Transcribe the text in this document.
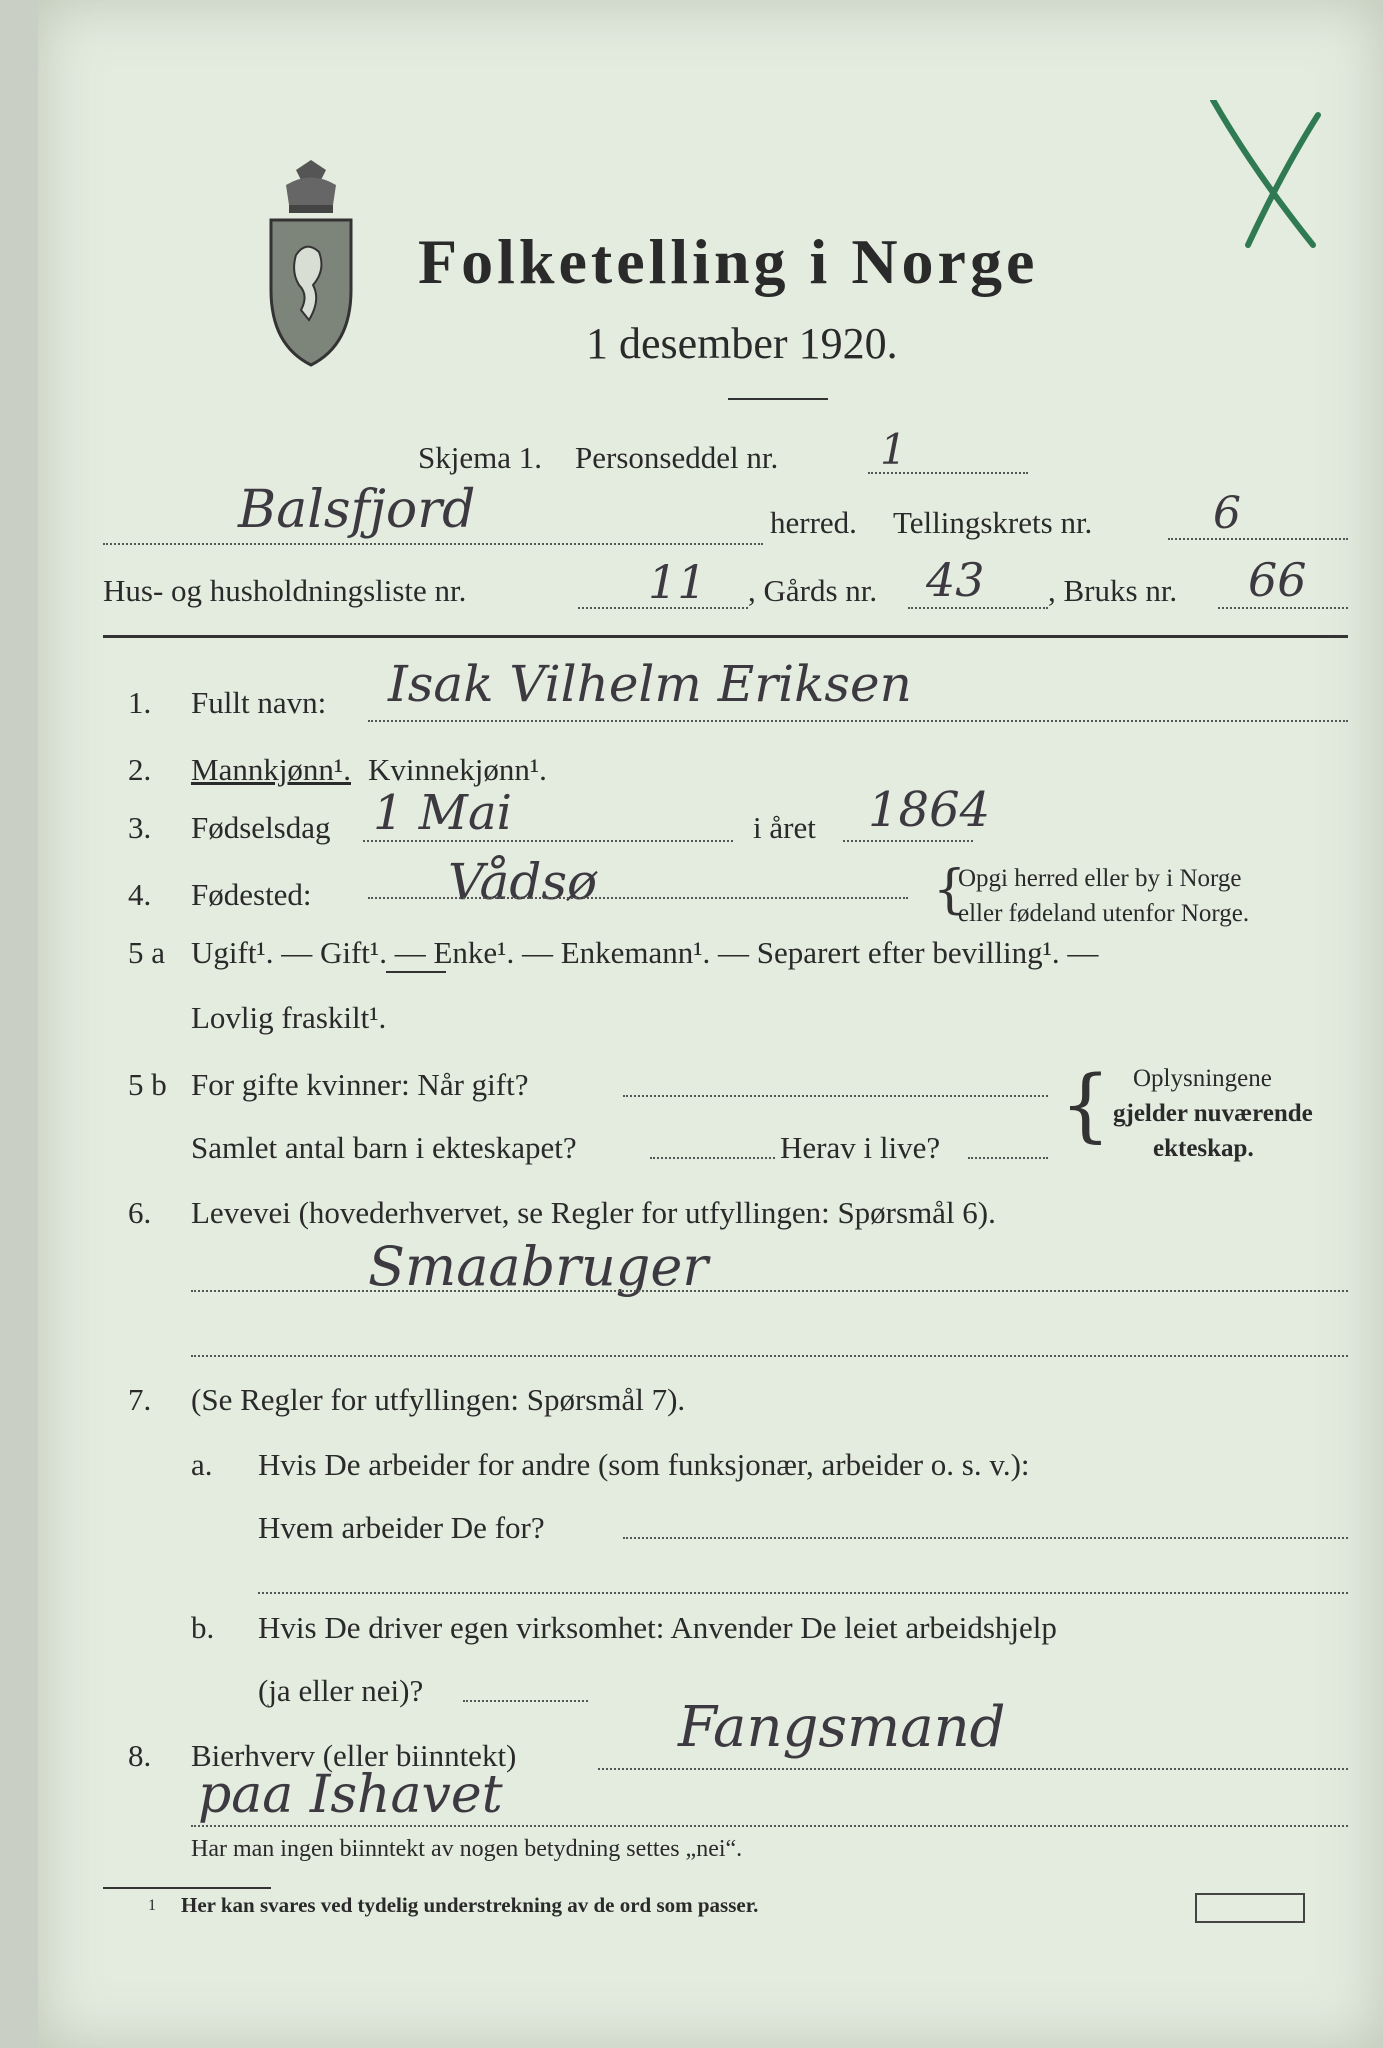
Folketelling i Norge
1 desember 1920.
Skjema 1. Personseddel nr. 1
Balsfjord	herred. Tellingskrets nr.	6
Hus- og husholdningsliste nr.	11 , Gårds nr. 43 , Bruks nr. 66
1. Fullt navn: Isak Vilhelm Eriksen
2. Mannkjønn¹. Kvinnekjønn¹.
3. Fødselsdag 1 Mai	i året 1864
4. Fødested:	Vådsø	{
Opgi herred eller by i Norge
eller fødeland utenfor Norge.
5 a Ugift¹. — Gift¹. — Enke¹. — Enkemann¹. — Separert efter bevilling¹. —
Lovlig fraskilt¹.
5 b For gifte kvinner: Når gift?
Samlet antal barn i ekteskapet?	Herav i live? { Oplysningene
gjelder nuværende
ekteskap.
6. Levevei (hovederhvervet, se Regler for utfyllingen: Spørsmål 6).
Smaabruger
7. (Se Regler for utfyllingen: Spørsmål 7).
a. Hvis De arbeider for andre (som funksjonær, arbeider o. s. v.):
Hvem arbeider De for?
b. Hvis De driver egen virksomhet: Anvender De leiet arbeidshjelp
(ja eller nei)?
8. Bierhverv (eller biinntekt)	Fangsmand
paa Ishavet
Har man ingen biinntekt av nogen betydning settes „nei“.
1 Her kan svares ved tydelig understrekning av de ord som passer.
